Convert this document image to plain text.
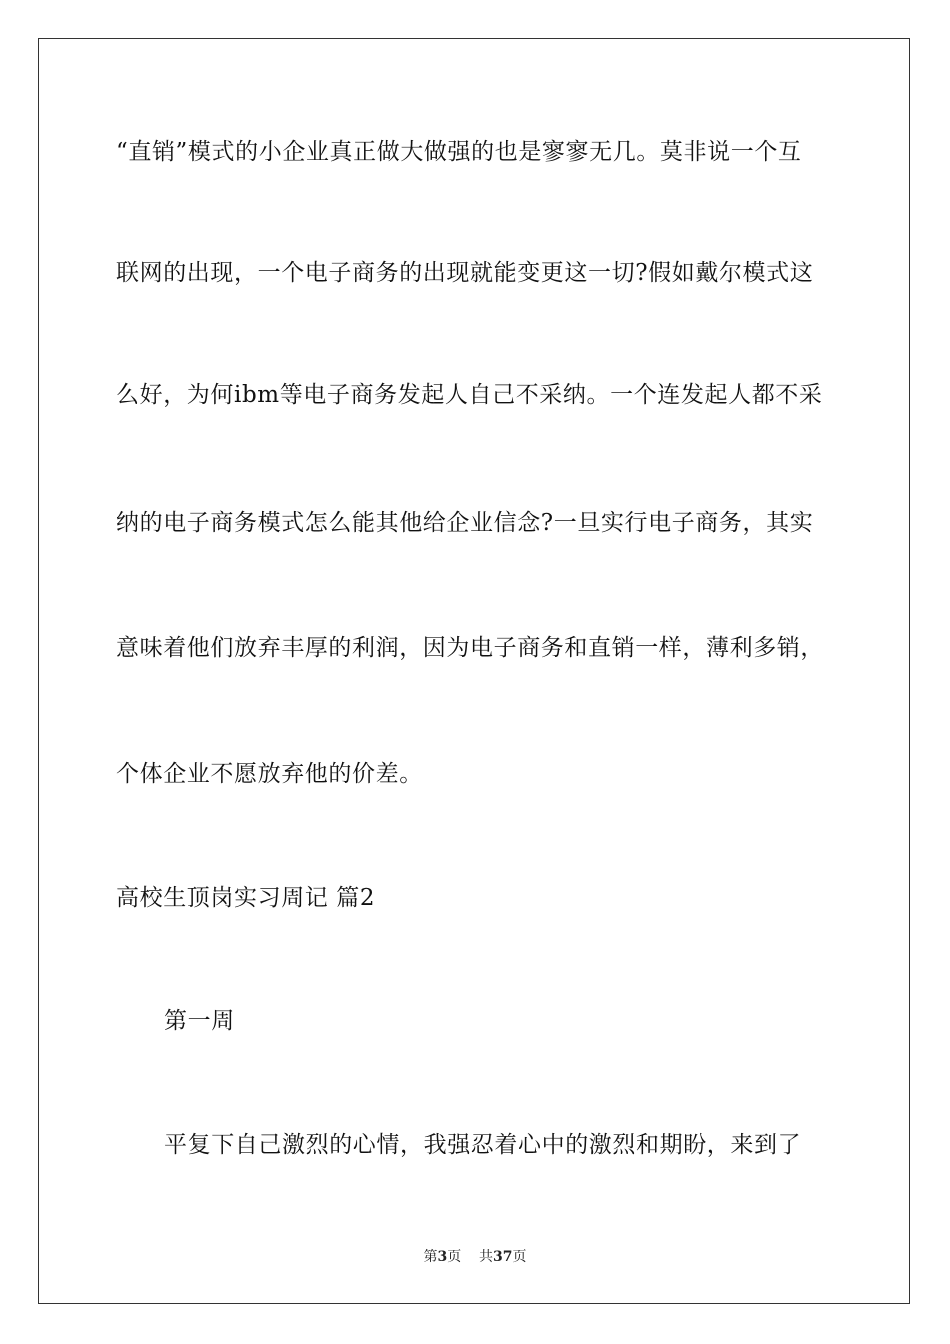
“直销”模式的小企业真正做大做强的也是寥寥无几。莫非说一个互
联网的出现，一个电子商务的出现就能变更这一切?假如戴尔模式这
么好，为何ibm等电子商务发起人自己不采纳。一个连发起人都不采
纳的电子商务模式怎么能其他给企业信念?一旦实行电子商务，其实
意味着他们放弃丰厚的利润，因为电子商务和直销一样，薄利多销，
个体企业不愿放弃他的价差。
高校生顶岗实习周记 篇2
第一周
平复下自己激烈的心情，我强忍着心中的激烈和期盼，来到了
第3页 共37页
